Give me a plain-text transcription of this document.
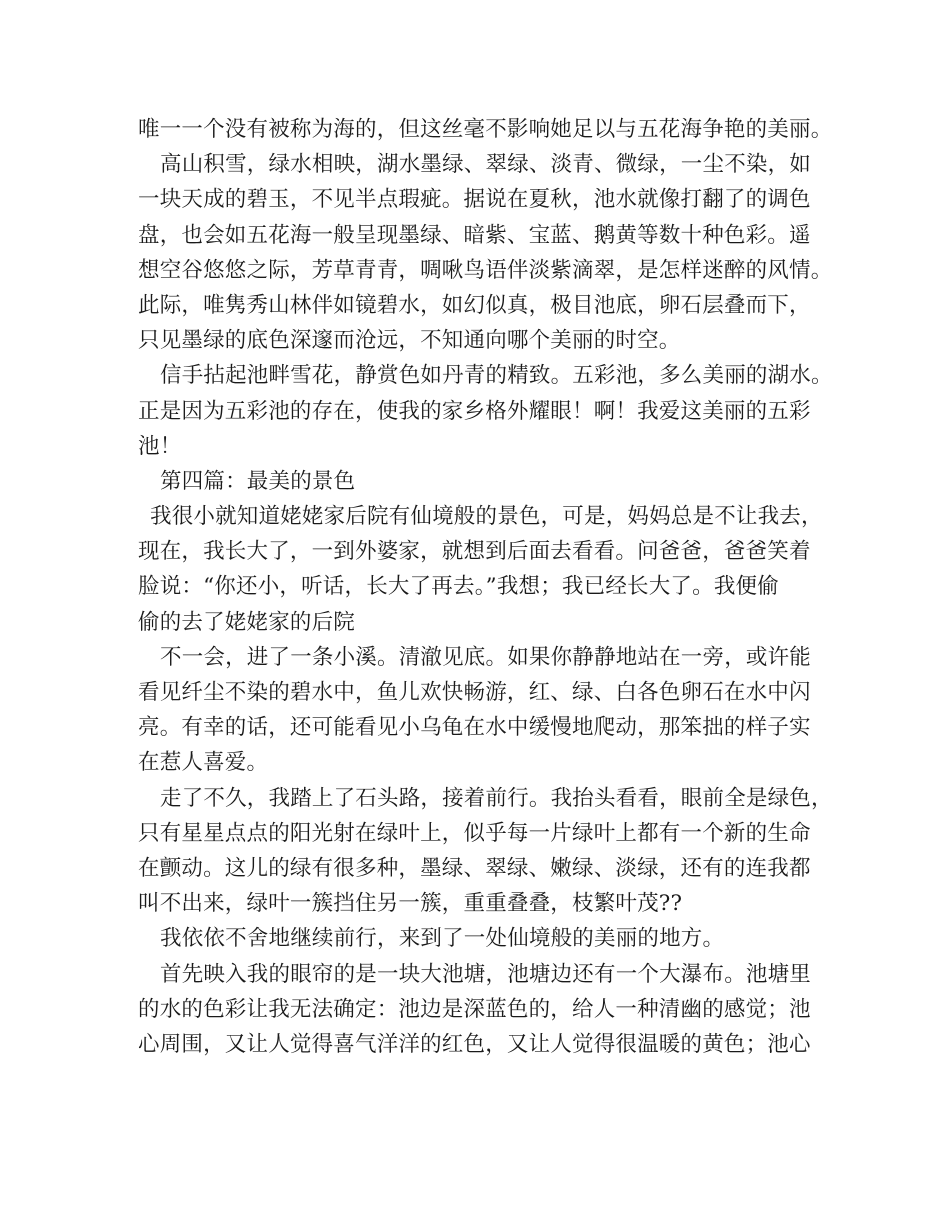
唯一一个没有被称为海的，但这丝毫不影响她足以与五花海争艳的美丽。
高山积雪，绿水相映，湖水墨绿、翠绿、淡青、微绿，一尘不染，如
一块天成的碧玉，不见半点瑕疵。据说在夏秋，池水就像打翻了的调色
盘，也会如五花海一般呈现墨绿、暗紫、宝蓝、鹅黄等数十种色彩。遥
想空谷悠悠之际，芳草青青，啁啾鸟语伴淡紫滴翠，是怎样迷醉的风情。
此际，唯隽秀山林伴如镜碧水，如幻似真，极目池底，卵石层叠而下，
只见墨绿的底色深邃而沧远，不知通向哪个美丽的时空。
信手拈起池畔雪花，静赏色如丹青的精致。五彩池，多么美丽的湖水。
正是因为五彩池的存在，使我的家乡格外耀眼！啊！我爱这美丽的五彩
池！
第四篇：最美的景色
我很小就知道姥姥家后院有仙境般的景色，可是，妈妈总是不让我去，
现在，我长大了，一到外婆家，就想到后面去看看。问爸爸，爸爸笑着
脸说：“你还小，听话，长大了再去。”我想；我已经长大了。我便偷
偷的去了姥姥家的后院
不一会，进了一条小溪。清澈见底。如果你静静地站在一旁，或许能
看见纤尘不染的碧水中，鱼儿欢快畅游，红、绿、白各色卵石在水中闪
亮。有幸的话，还可能看见小乌龟在水中缓慢地爬动，那笨拙的样子实
在惹人喜爱。
走了不久，我踏上了石头路，接着前行。我抬头看看，眼前全是绿色，
只有星星点点的阳光射在绿叶上，似乎每一片绿叶上都有一个新的生命
在颤动。这儿的绿有很多种，墨绿、翠绿、嫩绿、淡绿，还有的连我都
叫不出来，绿叶一簇挡住另一簇，重重叠叠，枝繁叶茂??
我依依不舍地继续前行，来到了一处仙境般的美丽的地方。
首先映入我的眼帘的是一块大池塘，池塘边还有一个大瀑布。池塘里
的水的色彩让我无法确定：池边是深蓝色的，给人一种清幽的感觉；池
心周围，又让人觉得喜气洋洋的红色，又让人觉得很温暖的黄色；池心
